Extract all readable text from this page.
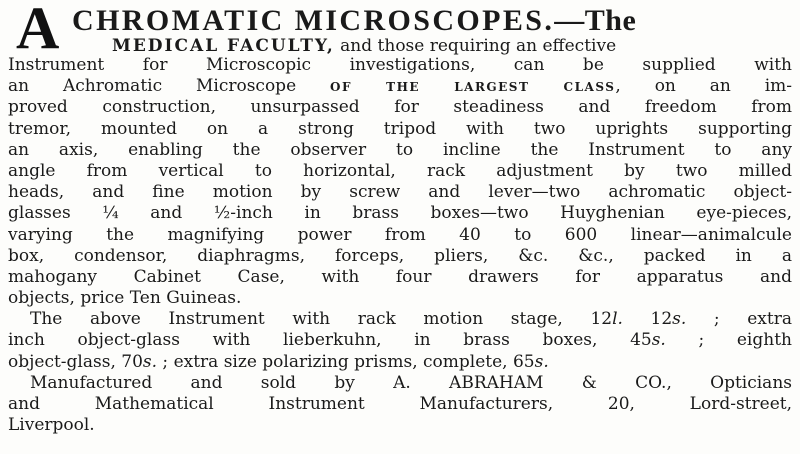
A CHROMATIC MICROSCOPES.—The
MEDICAL FACULTY, and those requiring an effective
Instrument for Microscopic investigations, can be supplied with
an Achromatic Microscope	OF THE LARGEST CLASS, on an im-
proved construction, unsurpassed for steadiness and freedom from
tremor, mounted on a strong tripod with two uprights supporting
an axis, enabling the observer to incline the Instrument to any
angle from vertical to horizontal, rack adjustment by two milled
heads, and fine motion by screw and lever—two achromatic object-
glasses ¼ and ½-inch in brass boxes—two Huyghenian eye-pieces,
varying the magnifying power from 40 to 600 linear—animalcule
box, condensor, diaphragms, forceps, pliers, &c. &c., packed in a
mahogany Cabinet Case, with four drawers for apparatus and
objects, price Ten Guineas.
The above Instrument with rack motion stage, 12l. 12s. ; extra
inch object-glass with lieberkuhn, in brass boxes, 45s. ; eighth
object-glass, 70s. ; extra size polarizing prisms, complete, 65s.
Manufactured and sold by A. ABRAHAM & CO., Opticians
and Mathematical Instrument Manufacturers, 20, Lord-street,
Liverpool.
